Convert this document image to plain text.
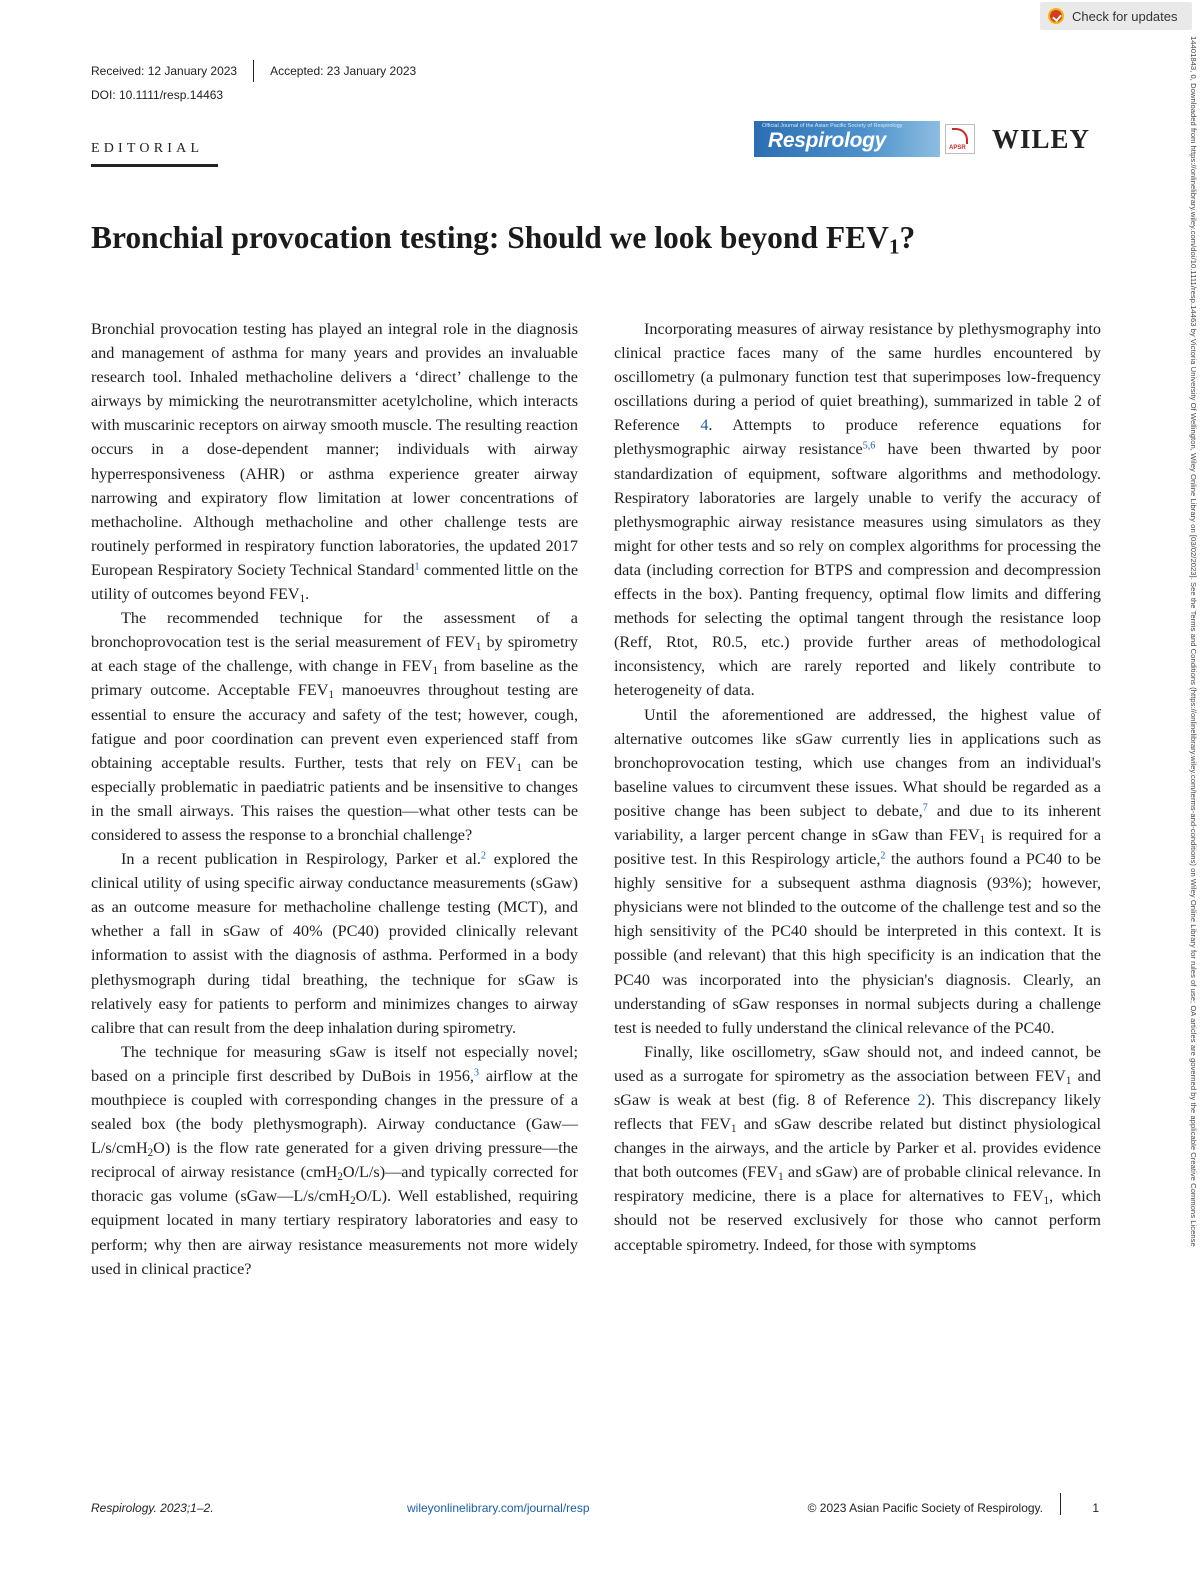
Check for updates
14401843, 0, Downloaded from https://onlinelibrary.wiley.com/doi/10.1111/resp.14463 by Victoria University Of Wellington, Wiley Online Library on [03/02/2023]. See the Terms and Conditions (https://onlinelibrary.wiley.com/terms-and-conditions) on Wiley Online Library for rules of use; OA articles are governed by the applicable Creative Commons License
Received: 12 January 2023	Accepted: 23 January 2023
DOI: 10.1111/resp.14463
EDITORIAL
Official Journal of the Asian Pacific Society of Respirology
Respirology	APSR WILEY
Bronchial provocation testing: Should we look beyond $FEV_1$?

Bronchial provocation testing has played an integral role in the diagnosis and management of asthma for many years and provides an invaluable research tool. Inhaled methacholine delivers a ‘direct’ challenge to the airways by mimicking the neurotransmitter acetylcholine, which interacts with muscarinic receptors on airway smooth muscle. The resulting reaction occurs in a dose-dependent manner; individuals with airway hyperresponsiveness (AHR) or asthma experience greater airway narrowing and expiratory flow limitation at lower concentrations of methacholine. Although methacholine and other challenge tests are routinely performed in respiratory function laboratories, the updated 2017 European Respiratory Society Technical Standard$^1$ commented little on the utility of outcomes beyond $FEV_1$.

The recommended technique for the assessment of a bronchoprovocation test is the serial measurement of $FEV_1$ by spirometry at each stage of the challenge, with change in $FEV_1$ from baseline as the primary outcome. Acceptable $FEV_1$ manoeuvres throughout testing are essential to ensure the accuracy and safety of the test; however, cough, fatigue and poor coordination can prevent even experienced staff from obtaining acceptable results. Further, tests that rely on $FEV_1$ can be especially problematic in paediatric patients and be insensitive to changes in the small airways. This raises the question—what other tests can be considered to assess the response to a bronchial challenge?

In a recent publication in Respirology, Parker et al.$^2$ explored the clinical utility of using specific airway conductance measurements (sGaw) as an outcome measure for methacholine challenge testing (MCT), and whether a fall in sGaw of 40% (PC40) provided clinically relevant information to assist with the diagnosis of asthma. Performed in a body plethysmograph during tidal breathing, the technique for sGaw is relatively easy for patients to perform and minimizes changes to airway calibre that can result from the deep inhalation during spirometry.

The technique for measuring sGaw is itself not especially novel; based on a principle first described by DuBois in 1956,$^3$ airflow at the mouthpiece is coupled with corresponding changes in the pressure of a sealed box (the body plethysmograph). Airway conductance (Gaw—L/s/cmH$_2$O) is the flow rate generated for a given driving pressure—the reciprocal of airway resistance (cmH$_2$O/L/s)—and typically corrected for thoracic gas volume (sGaw—L/s/cmH$_2$O/L). Well established, requiring equipment located in many tertiary respiratory laboratories and easy to perform; why then are airway resistance measurements not more widely used in clinical practice?

Incorporating measures of airway resistance by plethysmography into clinical practice faces many of the same hurdles encountered by oscillometry (a pulmonary function test that superimposes low-frequency oscillations during a period of quiet breathing), summarized in table 2 of Reference 4. Attempts to produce reference equations for plethysmographic airway resistance$^{5,6}$ have been thwarted by poor standardization of equipment, software algorithms and methodology. Respiratory laboratories are largely unable to verify the accuracy of plethysmographic airway resistance measures using simulators as they might for other tests and so rely on complex algorithms for processing the data (including correction for BTPS and compression and decompression effects in the box). Panting frequency, optimal flow limits and differing methods for selecting the optimal tangent through the resistance loop (Reff, Rtot, R0.5, etc.) provide further areas of methodological inconsistency, which are rarely reported and likely contribute to heterogeneity of data.

Until the aforementioned are addressed, the highest value of alternative outcomes like sGaw currently lies in applications such as bronchoprovocation testing, which use changes from an individual's baseline values to circumvent these issues. What should be regarded as a positive change has been subject to debate,$^7$ and due to its inherent variability, a larger percent change in sGaw than $FEV_1$ is required for a positive test. In this Respirology article,$^2$ the authors found a PC40 to be highly sensitive for a subsequent asthma diagnosis (93%); however, physicians were not blinded to the outcome of the challenge test and so the high sensitivity of the PC40 should be interpreted in this context. It is possible (and relevant) that this high specificity is an indication that the PC40 was incorporated into the physician's diagnosis. Clearly, an understanding of sGaw responses in normal subjects during a challenge test is needed to fully understand the clinical relevance of the PC40.

Finally, like oscillometry, sGaw should not, and indeed cannot, be used as a surrogate for spirometry as the association between $FEV_1$ and sGaw is weak at best (fig. 8 of Reference 2). This discrepancy likely reflects that $FEV_1$ and sGaw describe related but distinct physiological changes in the airways, and the article by Parker et al. provides evidence that both outcomes ($FEV_1$ and sGaw) are of probable clinical relevance. In respiratory medicine, there is a place for alternatives to $FEV_1$, which should not be reserved exclusively for those who cannot perform acceptable spirometry. Indeed, for those with symptoms

Respirology. 2023;1–2.	wileyonlinelibrary.com/journal/resp	© 2023 Asian Pacific Society of Respirology.	1
